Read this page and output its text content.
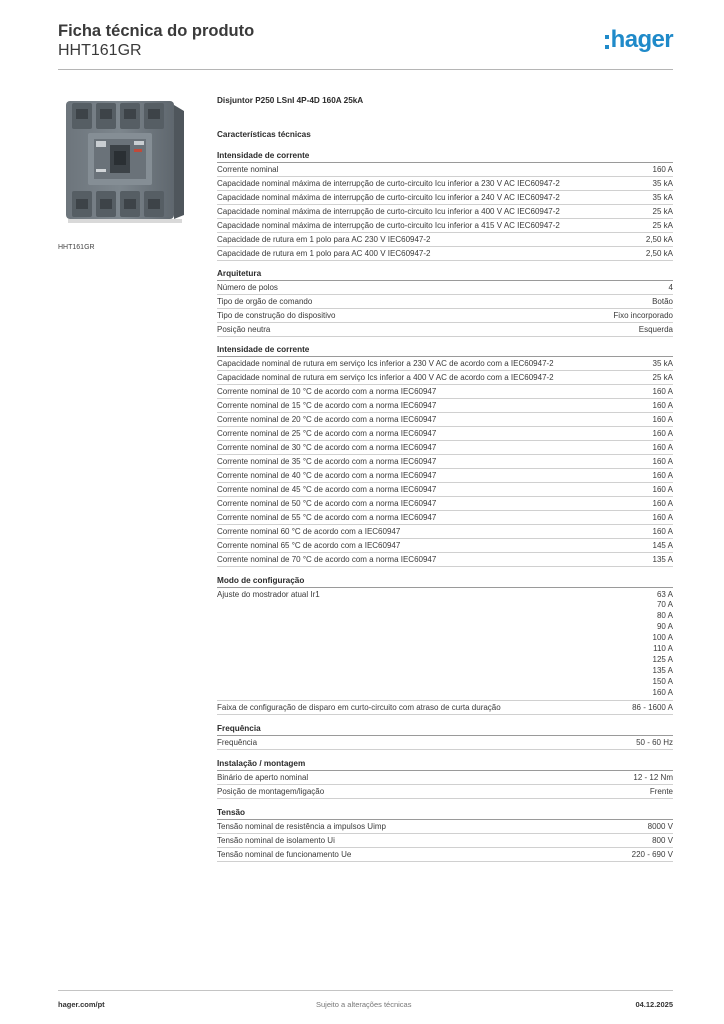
Ficha técnica do produto
HHT161GR	hager
HHT161GR
Disjuntor P250 LSnI 4P-4D 160A 25kA
Características técnicas
Intensidade de corrente
Corrente nominal	160 A
Capacidade nominal máxima de interrupção de curto-circuito Icu inferior a 230 V AC IEC60947-2	35 kA
Capacidade nominal máxima de interrupção de curto-circuito Icu inferior a 240 V AC IEC60947-2	35 kA
Capacidade nominal máxima de interrupção de curto-circuito Icu inferior a 400 V AC IEC60947-2	25 kA
Capacidade nominal máxima de interrupção de curto-circuito Icu inferior a 415 V AC IEC60947-2	25 kA
Capacidade de rutura em 1 polo para AC 230 V IEC60947-2	2,50 kA
Capacidade de rutura em 1 polo para AC 400 V IEC60947-2	2,50 kA
Arquitetura
Número de polos	4
Tipo de orgão de comando	Botão
Tipo de construção do dispositivo	Fixo incorporado
Posição neutra	Esquerda
Intensidade de corrente
Capacidade nominal de rutura em serviço Ics inferior a 230 V AC de acordo com a IEC60947-2	35 kA
Capacidade nominal de rutura em serviço Ics inferior a 400 V AC de acordo com a IEC60947-2	25 kA
Corrente nominal de 10 °C de acordo com a norma IEC60947	160 A
Corrente nominal de 15 °C de acordo com a norma IEC60947	160 A
Corrente nominal de 20 °C de acordo com a norma IEC60947	160 A
Corrente nominal de 25 °C de acordo com a norma IEC60947	160 A
Corrente nominal de 30 °C de acordo com a norma IEC60947	160 A
Corrente nominal de 35 °C de acordo com a norma IEC60947	160 A
Corrente nominal de 40 °C de acordo com a norma IEC60947	160 A
Corrente nominal de 45 °C de acordo com a norma IEC60947	160 A
Corrente nominal de 50 °C de acordo com a norma IEC60947	160 A
Corrente nominal de 55 °C de acordo com a norma IEC60947	160 A
Corrente nominal 60 °C de acordo com a IEC60947	160 A
Corrente nominal 65 °C de acordo com a IEC60947	145 A
Corrente nominal de 70 °C de acordo com a norma IEC60947	135 A
Modo de configuração
Ajuste do mostrador atual Ir1	63 A
70 A
80 A
90 A
100 A
110 A
125 A
135 A
150 A
160 A
Faixa de configuração de disparo em curto-circuito com atraso de curta duração	86 - 1600 A
Frequência
Frequência	50 - 60 Hz
Instalação / montagem
Binário de aperto nominal	12 - 12 Nm
Posição de montagem/ligação	Frente
Tensão
Tensão nominal de resistência a impulsos Uimp	8000 V
Tensão nominal de isolamento Ui	800 V
Tensão nominal de funcionamento Ue	220 - 690 V
hager.com/pt	Sujeito a alterações técnicas	04.12.2025
